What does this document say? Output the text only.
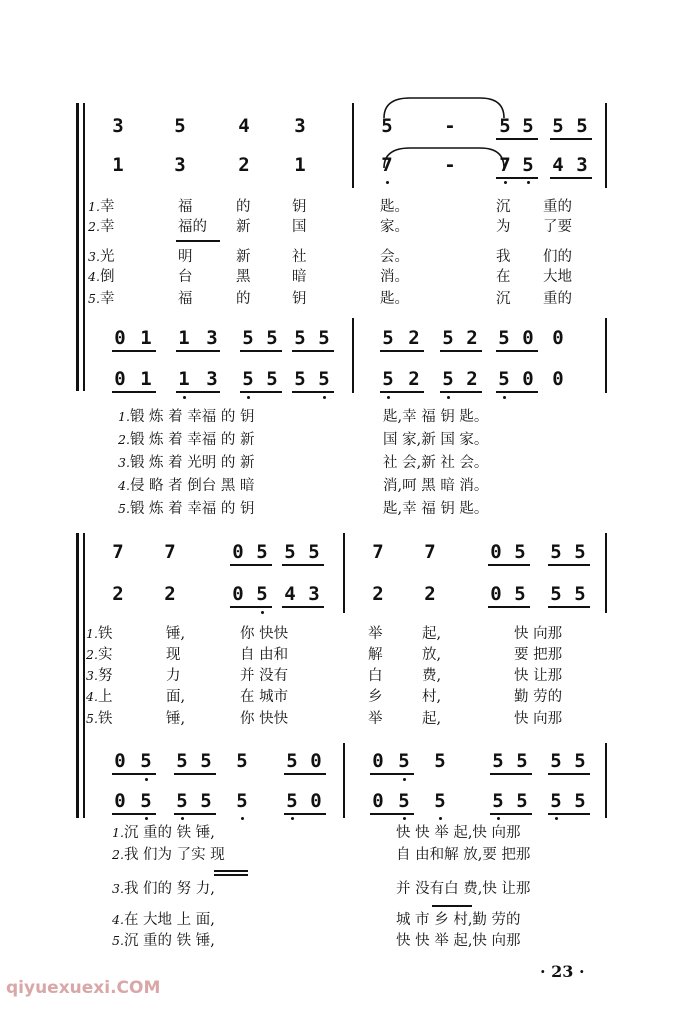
3	5	4 3	5	- 5 5 5 5
1	3	2 1	7	- 7 5 4 3
1.幸	福	的	钥	匙。	沉 重的
2.幸	福的 新	国	家。	为 了要
3.光	明	新	社	会。	我 们的
4.倒	台	黑	暗	消。	在 大地
5.幸	福	的	钥	匙。	沉 重的
0 1 1 3 5 5 5 5	5 2 5 2 5 0 0
0 1 1 3 5 5 5 5	5 2 5 2 5 0 0
1.锻 炼 着 幸福 的 钥	匙,幸 福 钥 匙。
2.锻 炼 着 幸福 的 新	国 家,新 国 家。
3.锻 炼 着 光明 的 新	社 会,新 社 会。
4.侵 略 者 倒台 黑 暗	消,呵 黑 暗 消。
5.锻 炼 着 幸福 的 钥	匙,幸 福 钥 匙。
7 7	0 5 5 5	7 7	0 5 5 5
2 2	0 5 4 3	2 2	0 5 5 5
1.铁	锤,	你 快快	举	起,	快 向那
2.实	现	自 由和	解	放,	要 把那
3.努	力	并 没有	白	费,	快 让那
4.上	面,	在 城市	乡	村,	勤 劳的
5.铁	锤,	你 快快	举	起,	快 向那
0 5 5 5 5 5 0	0 5 5 5 5 5 5
0 5 5 5 5 5 0	0 5 5 5 5 5 5
1.沉 重的 铁 锤,	快 快 举 起,快 向那
2.我 们为 了实 现	自 由和解 放,要 把那
3.我 们的 努 力,	并 没有白 费,快 让那
4.在 大地 上 面,	城 市 乡 村,勤 劳的
5.沉 重的 铁 锤,	快 快 举 起,快 向那
· 23 ·
qiyuexuexi.COM
